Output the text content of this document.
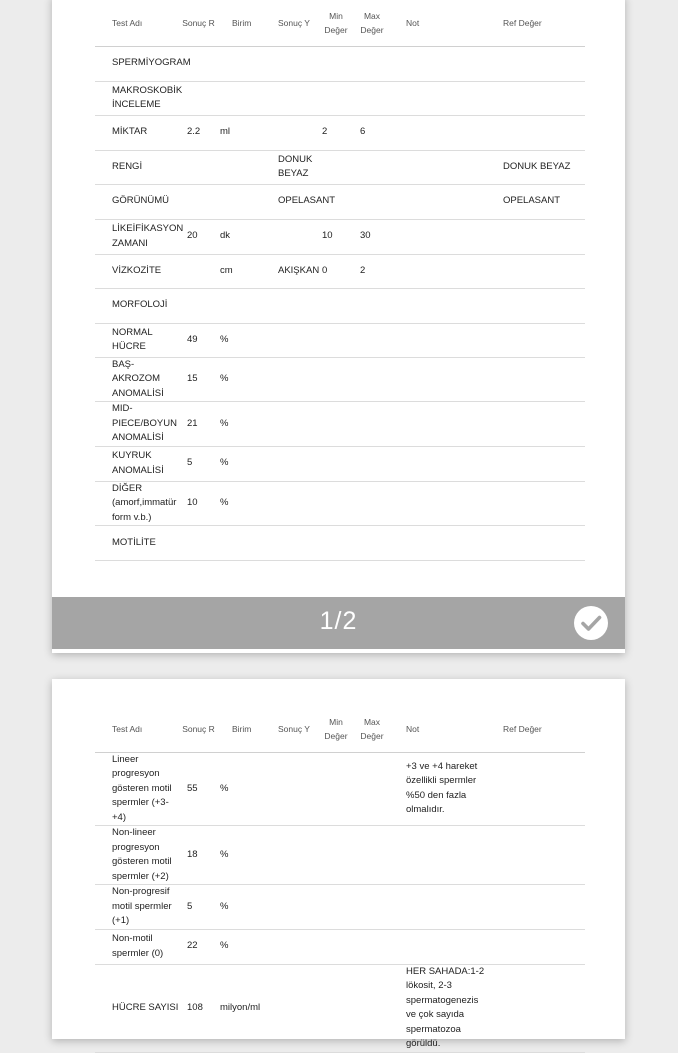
Test Adı	Sonuç R	Birim	Sonuç Y	Min Değer	Max Değer	Not	Ref Değer
SPERMİYOGRAM							
MAKROSKOBİK İNCELEME							
MİKTAR	2.2	ml		2	6		
RENGİ			DONUK BEYAZ				DONUK BEYAZ
GÖRÜNÜMÜ			OPELASANT				OPELASANT
LİKEİFİKASYON ZAMANI	20	dk		10	30		
VİZKOZİTE		cm	AKIŞKAN	0	2		
MORFOLOJİ							
NORMAL HÜCRE	49	%					
BAŞ-AKROZOM ANOMALİSİ	15	%					
MID-PIECE/BOYUN ANOMALİSİ	21	%					
KUYRUK ANOMALİSİ	5	%					
DİĞER (amorf,immatür form v.b.)	10	%					
MOTİLİTE							
1/2
Test Adı	Sonuç R	Birim	Sonuç Y	Min Değer	Max Değer	Not	Ref Değer
Lineer progresyon gösteren motil spermler (+3-+4)	55	%				+3 ve +4 hareket özellikli spermler %50 den fazla olmalıdır.	
Non-lineer progresyon gösteren motil spermler (+2)	18	%					
Non-progresif motil spermler (+1)	5	%					
Non-motil spermler (0)	22	%					
HÜCRE SAYISI	108	milyon/ml				HER SAHADA:1-2 lökosit, 2-3 spermatogenezis ve çok sayıda spermatozoa görüldü.	
